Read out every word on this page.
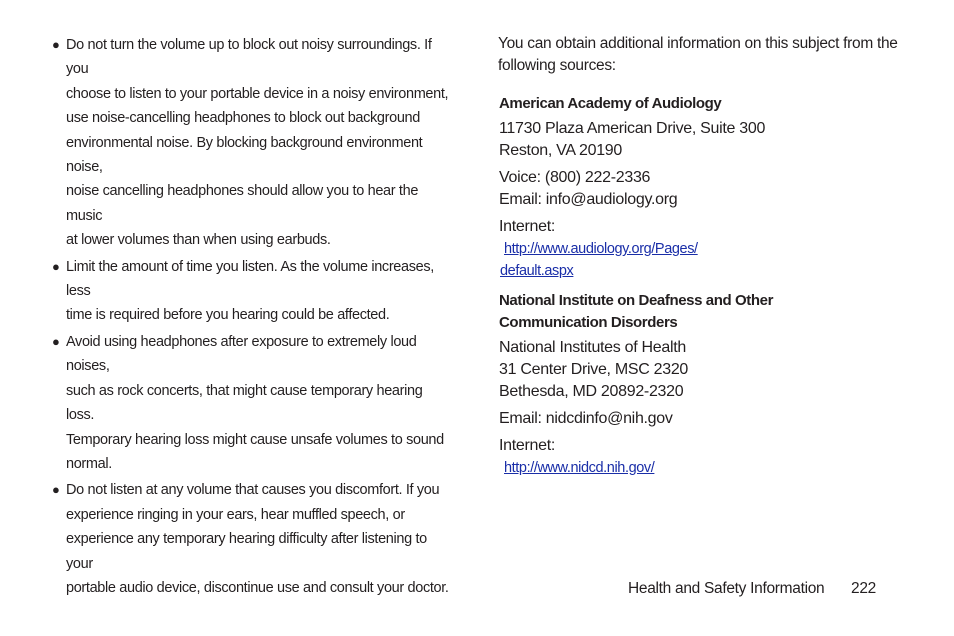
● Do not turn the volume up to block out noisy surroundings. If you
choose to listen to your portable device in a noisy environment,
use noise-cancelling headphones to block out background
environmental noise. By blocking background environment noise,
noise cancelling headphones should allow you to hear the music
at lower volumes than when using earbuds.
● Limit the amount of time you listen. As the volume increases, less
time is required before you hearing could be affected.
● Avoid using headphones after exposure to extremely loud noises,
such as rock concerts, that might cause temporary hearing loss.
Temporary hearing loss might cause unsafe volumes to sound
normal.
● Do not listen at any volume that causes you discomfort. If you
experience ringing in your ears, hear muffled speech, or
experience any temporary hearing difficulty after listening to your
portable audio device, discontinue use and consult your doctor.

You can obtain additional information on this subject from the
following sources:

American Academy of Audiology
11730 Plaza American Drive, Suite 300
Reston, VA 20190
Voice: (800) 222-2336
Email: info@audiology.org
Internet:
http://www.audiology.org/Pages/
default.aspx
National Institute on Deafness and Other
Communication Disorders
National Institutes of Health
31 Center Drive, MSC 2320
Bethesda, MD 20892-2320
Email: nidcdinfo@nih.gov
Internet:
http://www.nidcd.nih.gov/
Health and Safety Information 222
